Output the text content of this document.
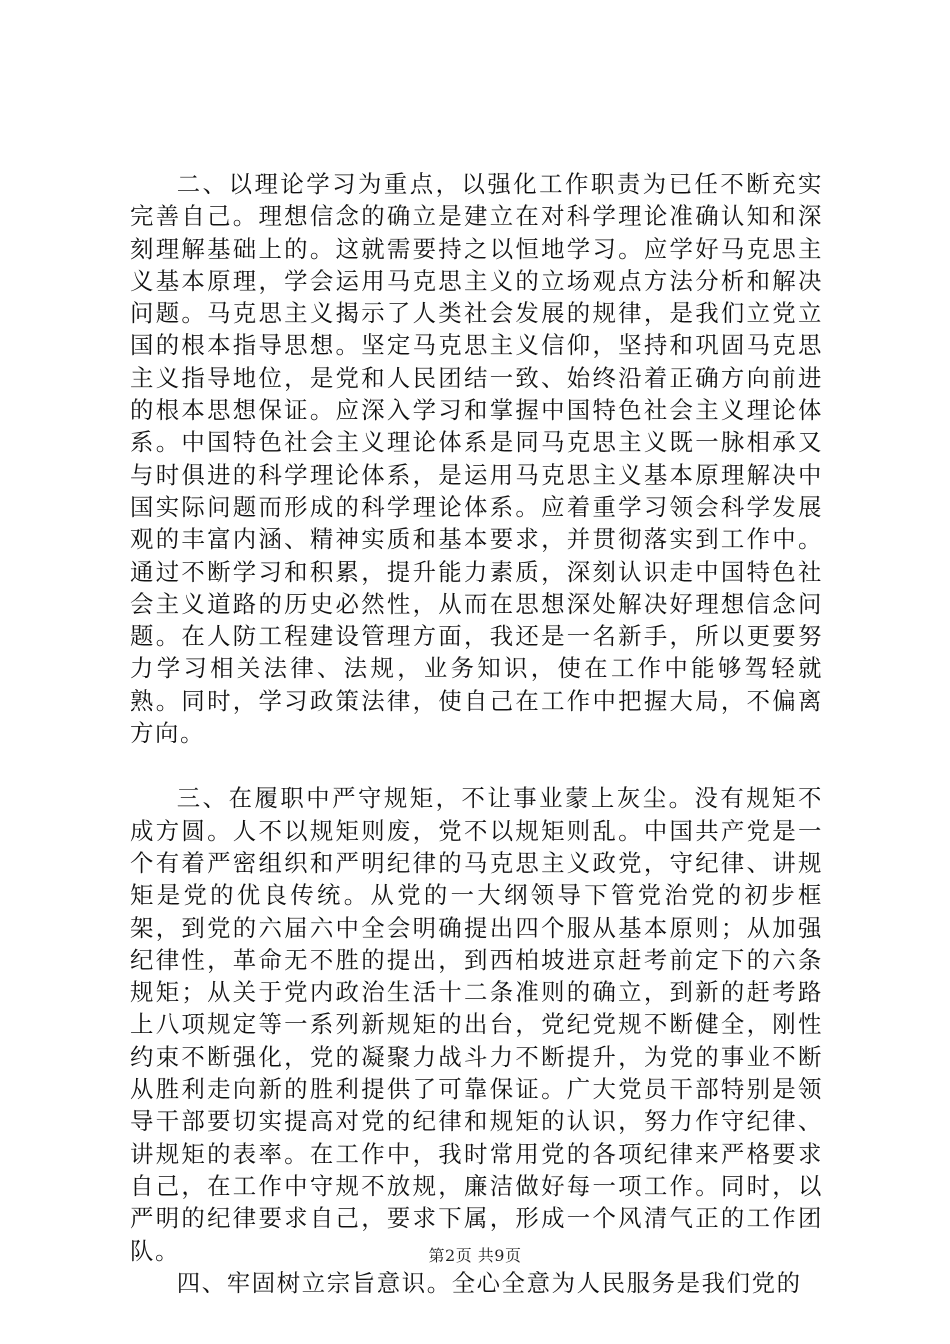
二、以理论学习为重点，以强化工作职责为已任不断充实完善自己。理想信念的确立是建立在对科学理论准确认知和深刻理解基础上的。这就需要持之以恒地学习。应学好马克思主义基本原理，学会运用马克思主义的立场观点方法分析和解决问题。马克思主义揭示了人类社会发展的规律，是我们立党立国的根本指导思想。坚定马克思主义信仰，坚持和巩固马克思主义指导地位，是党和人民团结一致、始终沿着正确方向前进的根本思想保证。应深入学习和掌握中国特色社会主义理论体系。中国特色社会主义理论体系是同马克思主义既一脉相承又与时俱进的科学理论体系，是运用马克思主义基本原理解决中国实际问题而形成的科学理论体系。应着重学习领会科学发展观的丰富内涵、精神实质和基本要求，并贯彻落实到工作中。通过不断学习和积累，提升能力素质，深刻认识走中国特色社会主义道路的历史必然性，从而在思想深处解决好理想信念问题。在人防工程建设管理方面，我还是一名新手，所以更要努力学习相关法律、法规，业务知识，使在工作中能够驾轻就熟。同时，学习政策法律，使自己在工作中把握大局，不偏离方向。

三、在履职中严守规矩，不让事业蒙上灰尘。没有规矩不成方圆。人不以规矩则废，党不以规矩则乱。中国共产党是一个有着严密组织和严明纪律的马克思主义政党，守纪律、讲规矩是党的优良传统。从党的一大纲领导下管党治党的初步框架，到党的六届六中全会明确提出四个服从基本原则；从加强纪律性，革命无不胜的提出，到西柏坡进京赶考前定下的六条规矩；从关于党内政治生活十二条准则的确立，到新的赶考路上八项规定等一系列新规矩的出台，党纪党规不断健全，刚性约束不断强化，党的凝聚力战斗力不断提升，为党的事业不断从胜利走向新的胜利提供了可靠保证。广大党员干部特别是领导干部要切实提高对党的纪律和规矩的认识，努力作守纪律、讲规矩的表率。在工作中，我时常用党的各项纪律来严格要求自己，在工作中守规不放规，廉洁做好每一项工作。同时，以严明的纪律要求自己，要求下属，形成一个风清气正的工作团队。

四、牢固树立宗旨意识。全心全意为人民服务是我们党的

第2页 共9页
